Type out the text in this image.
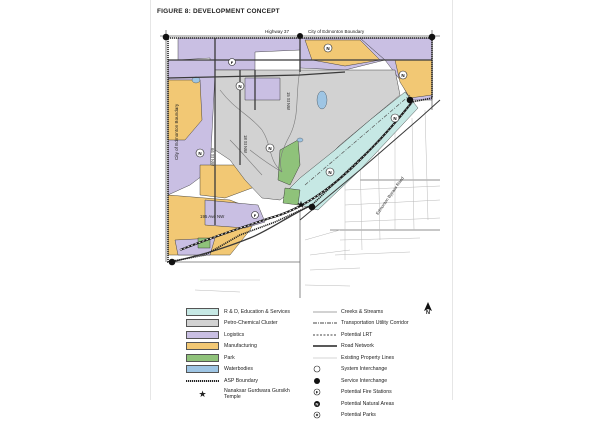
FIGURE 8: DEVELOPMENT CONCEPT
N
N
N
N
N
N
N
F
F
★
Highway 37	City of Edmonton Boundary
City of Edmonton Boundary
15 St NW
18 St NW
66 St NW
195 Ave NW
Edmonton Bypass Road
R & D, Education & Services
Petro-Chemical Cluster
Logistics
Manufacturing
Park
Waterbodies
ASP Boundary
★	Nanaksar Gurdwara Gursikh Temple
Creeks & Streams
Transportation Utility Corridor
Potential LRT
Road Network
Existing Property Lines
System Interchange
Service Interchange
F	Potential Fire Stations
N	Potential Natural Areas
Potential Parks
N
